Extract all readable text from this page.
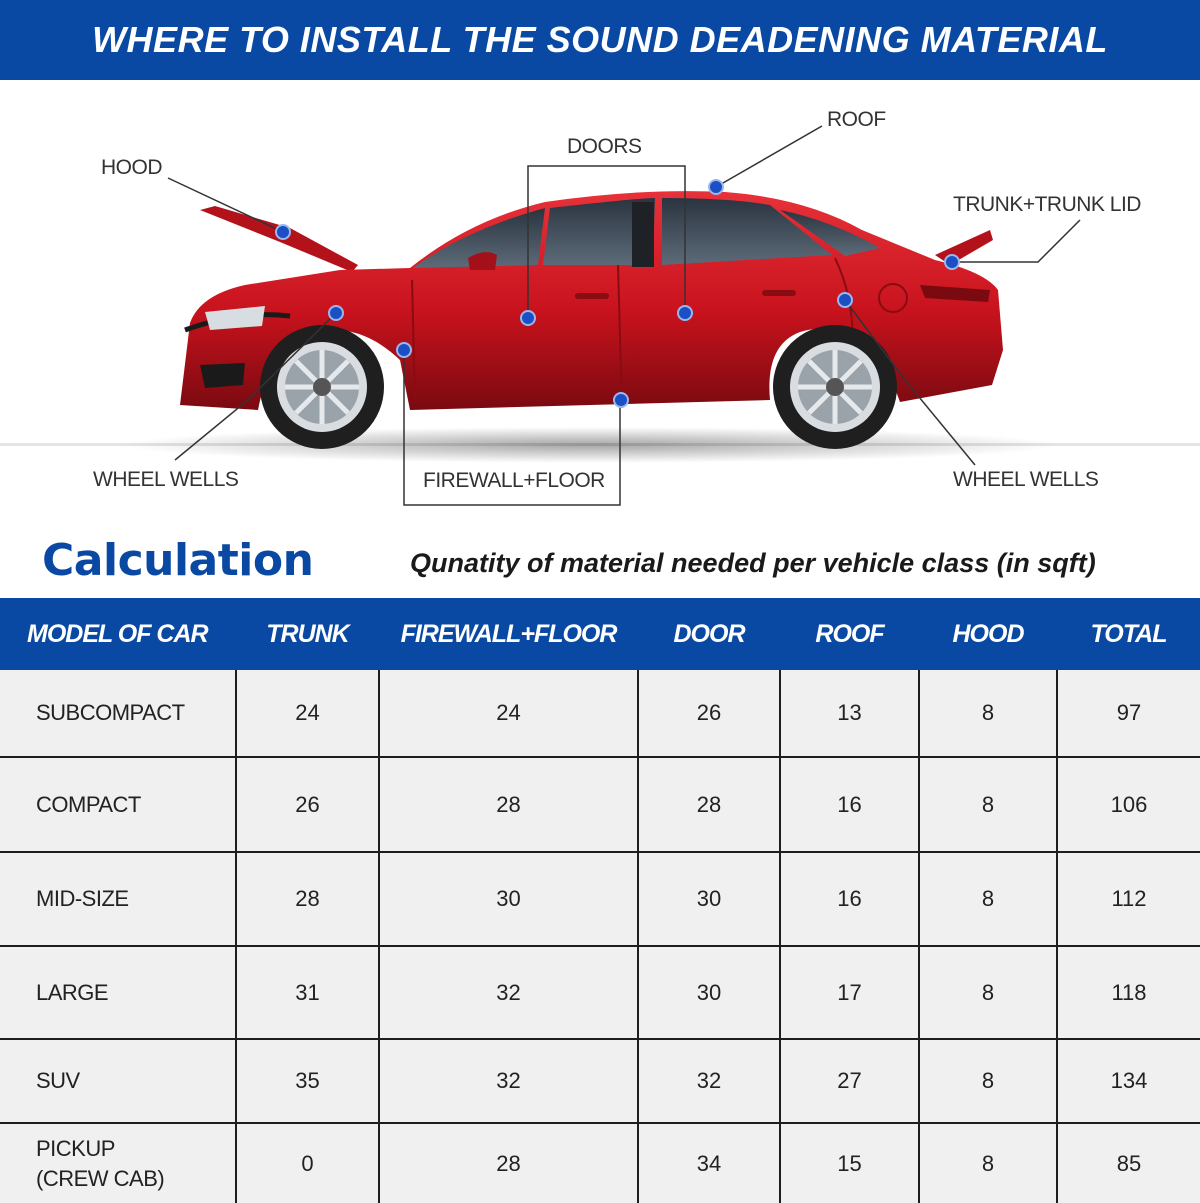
WHERE TO INSTALL THE SOUND DEADENING MATERIAL
HOOD
DOORS
ROOF
TRUNK+TRUNK LID
WHEEL WELLS	FIREWALL+FLOOR	WHEEL WELLS
Calculation	Qunatity of material needed per vehicle class (in sqft)
MODEL OF CAR	TRUNK	FIREWALL+FLOOR	DOOR	ROOF	HOOD	TOTAL
SUBCOMPACT	24	24	26	13	8	97
COMPACT	26	28	28	16	8	106
MID-SIZE	28	30	30	16	8	112
LARGE	31	32	30	17	8	118
SUV	35	32	32	27	8	134
PICKUP
(CREW CAB)	0	28	34	15	8	85
